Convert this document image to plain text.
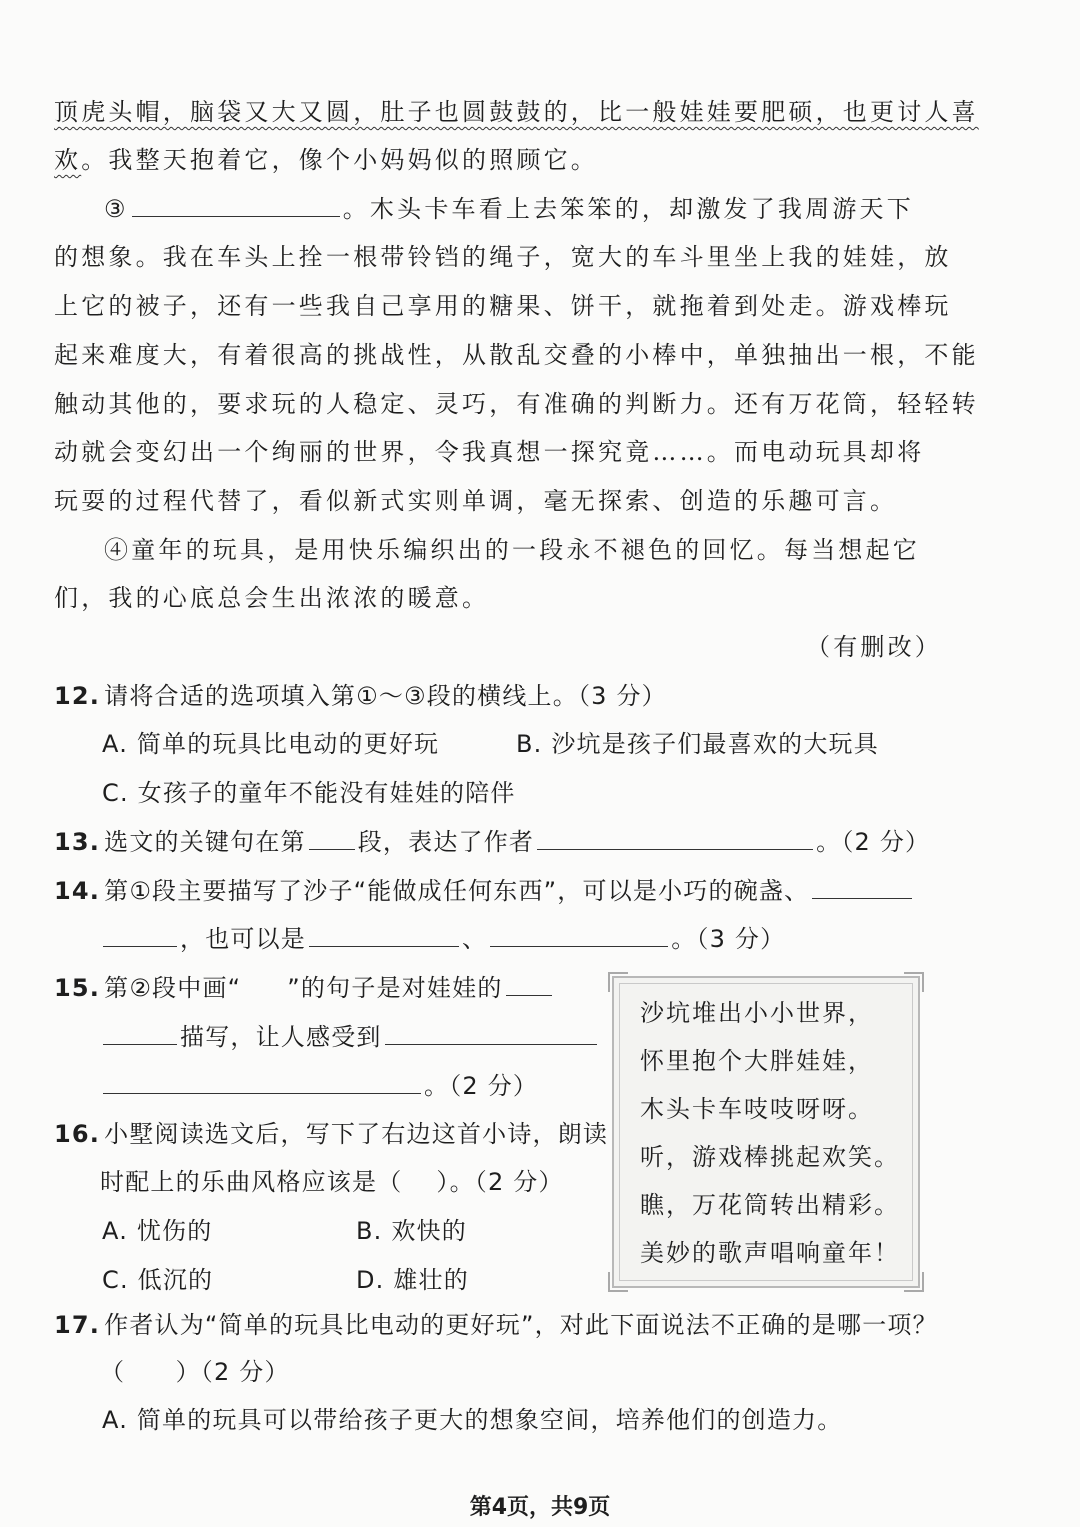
顶虎头帽，脑袋又大又圆，肚子也圆鼓鼓的，比一般娃娃要肥硕，也更讨人喜
欢。我整天抱着它，像个小妈妈似的照顾它。
③	。木头卡车看上去笨笨的，却激发了我周游天下
的想象。我在车头上拴一根带铃铛的绳子，宽大的车斗里坐上我的娃娃，放
上它的被子，还有一些我自己享用的糖果、饼干，就拖着到处走。游戏棒玩
起来难度大，有着很高的挑战性，从散乱交叠的小棒中，单独抽出一根，不能
触动其他的，要求玩的人稳定、灵巧，有准确的判断力。还有万花筒，轻轻转
动就会变幻出一个绚丽的世界，令我真想一探究竟……。而电动玩具却将
玩耍的过程代替了，看似新式实则单调，毫无探索、创造的乐趣可言。
④童年的玩具，是用快乐编织出的一段永不褪色的回忆。每当想起它
们，我的心底总会生出浓浓的暖意。
（有删改）
12. 请将合适的选项填入第①～③段的横线上。（3 分）
A. 简单的玩具比电动的更好玩	B. 沙坑是孩子们最喜欢的大玩具
C. 女孩子的童年不能没有娃娃的陪伴
13. 选文的关键句在第 段，表达了作者	。（2 分）
14. 第①段主要描写了沙子“能做成任何东西”，可以是小巧的碗盏、
，也可以是	、	。（3 分）
15. 第②段中画“ ”的句子是对娃娃的
描写，让人感受到
。（2 分）
16. 小墅阅读选文后，写下了右边这首小诗，朗读
时配上的乐曲风格应该是（ ）。（2 分）
A. 忧伤的	B. 欢快的
C. 低沉的	D. 雄壮的
沙坑堆出小小世界，
怀里抱个大胖娃娃，
木头卡车吱吱呀呀。
听，游戏棒挑起欢笑。
瞧，万花筒转出精彩。
美妙的歌声唱响童年！
17. 作者认为“简单的玩具比电动的更好玩”，对此下面说法不正确的是哪一项？
（　　）（2 分）
A. 简单的玩具可以带给孩子更大的想象空间，培养他们的创造力。
第4页，共9页
